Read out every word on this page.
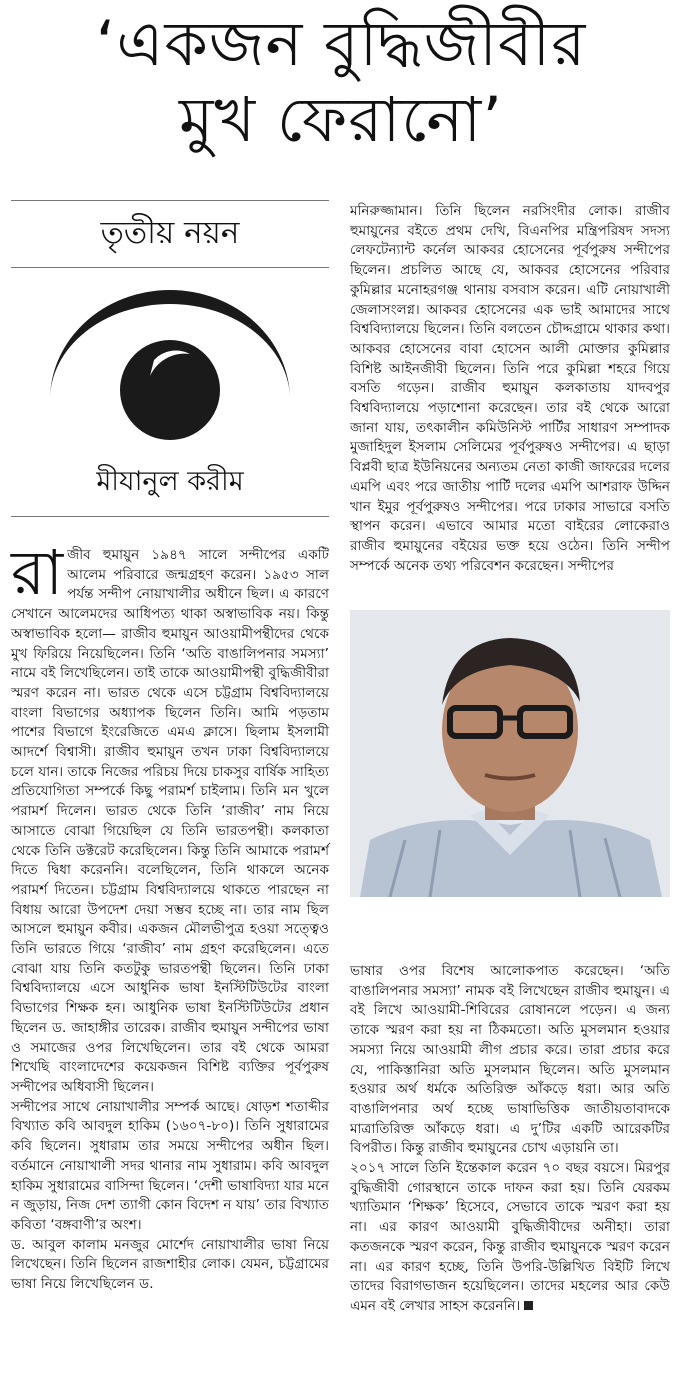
‘একজন বুদ্ধিজীবীর
মুখ ফেরানো’
তৃতীয় নয়ন
মীযানুল করীম

রাজীব হুমায়ুন ১৯৪৭ সালে সন্দীপের একটি আলেম পরিবারে জন্মগ্রহণ করেন। ১৯৫৩ সাল পর্যন্ত সন্দীপ নোয়াখালীর অধীনে ছিল। এ কারণে সেখানে আলেমদের আধিপত্য থাকা অস্বাভাবিক নয়। কিন্তু অস্বাভাবিক হলো— রাজীব হুমায়ুন আওয়ামীপন্থীদের থেকে মুখ ফিরিয়ে নিয়েছিলেন। তিনি ‘অতি বাঙালিপনার সমস্যা’ নামে বই লিখেছিলেন। তাই তাকে আওয়ামীপন্থী বুদ্ধিজীবীরা স্মরণ করেন না। ভারত থেকে এসে চট্টগ্রাম বিশ্ববিদ্যালয়ে বাংলা বিভাগের অধ্যাপক ছিলেন তিনি। আমি পড়তাম পাশের বিভাগে ইংরেজিতে এমএ ক্লাসে। ছিলাম ইসলামী আদর্শে বিশ্বাসী। রাজীব হুমায়ুন তখন ঢাকা বিশ্ববিদ্যালয়ে চলে যান। তাকে নিজের পরিচয় দিয়ে চাকসুর বার্ষিক সাহিত্য প্রতিযোগিতা সম্পর্কে কিছু পরামর্শ চাইলাম। তিনি মন খুলে পরামর্শ দিলেন। ভারত থেকে তিনি ‘রাজীব’ নাম নিয়ে আসাতে বোঝা গিয়েছিল যে তিনি ভারতপন্থী। কলকাতা থেকে তিনি ডক্টরেট করেছিলেন। কিন্তু তিনি আমাকে পরামর্শ দিতে দ্বিধা করেননি। বলেছিলেন, তিনি থাকলে অনেক পরামর্শ দিতেন। চট্টগ্রাম বিশ্ববিদ্যালয়ে থাকতে পারছেন না বিধায় আরো উপদেশ দেয়া সম্ভব হচ্ছে না। তার নাম ছিল আসলে হুমায়ুন কবীর। একজন মৌলভীপুত্র হওয়া সত্ত্বেও তিনি ভারতে গিয়ে ‘রাজীব’ নাম গ্রহণ করেছিলেন। এতে বোঝা যায় তিনি কতটুকু ভারতপন্থী ছিলেন। তিনি ঢাকা বিশ্ববিদ্যালয়ে এসে আধুনিক ভাষা ইনস্টিটিউটের বাংলা বিভাগের শিক্ষক হন। আধুনিক ভাষা ইনস্টিটিউটের প্রধান ছিলেন ড. জাহাঙ্গীর তারেক। রাজীব হুমায়ুন সন্দীপের ভাষা ও সমাজের ওপর লিখেছিলেন। তার বই থেকে আমরা শিখেছি বাংলাদেশের কয়েকজন বিশিষ্ট ব্যক্তির পূর্বপুরুষ সন্দীপের অধিবাসী ছিলেন।

সন্দীপের সাথে নোয়াখালীর সম্পর্ক আছে। ষোড়শ শতাব্দীর বিখ্যাত কবি আবদুল হাকিম (১৬০৭-৮০)। তিনি সুধারামের কবি ছিলেন। সুধারাম তার সময়ে সন্দীপের অধীন ছিল। বর্তমানে নোয়াখালী সদর থানার নাম সুধারাম। কবি আবদুল হাকিম সুধারামের বাসিন্দা ছিলেন। ‘দেশী ভাষাবিদ্যা যার মনে ন জুড়ায়, নিজ দেশ ত্যাগী কোন বিদেশ ন যায়’ তার বিখ্যাত কবিতা ‘বঙ্গবাণী’র অংশ।

ড. আবুল কালাম মনজুর মোর্শেদ নোয়াখালীর ভাষা নিয়ে লিখেছেন। তিনি ছিলেন রাজশাহীর লোক। যেমন, চট্টগ্রামের ভাষা নিয়ে লিখেছিলেন ড.

মনিরুজ্জামান। তিনি ছিলেন নরসিংদীর লোক। রাজীব হুমায়ুনের বইতে প্রথম দেখি, বিএনপির মন্ত্রিপরিষদ সদস্য লেফটেন্যান্ট কর্নেল আকবর হোসেনের পূর্বপুরুষ সন্দীপের ছিলেন। প্রচলিত আছে যে, আকবর হোসেনের পরিবার কুমিল্লার মনোহরগঞ্জ থানায় বসবাস করেন। এটি নোয়াখালী জেলাসংলগ্ন। আকবর হোসেনের এক ভাই আমাদের সাথে বিশ্ববিদ্যালয়ে ছিলেন। তিনি বলতেন চৌদ্দগ্রামে থাকার কথা। আকবর হোসেনের বাবা হোসেন আলী মোক্তার কুমিল্লার বিশিষ্ট আইনজীবী ছিলেন। তিনি পরে কুমিল্লা শহরে গিয়ে বসতি গড়েন। রাজীব হুমায়ুন কলকাতায় যাদবপুর বিশ্ববিদ্যালয়ে পড়াশোনা করেছেন। তার বই থেকে আরো জানা যায়, তৎকালীন কমিউনিস্ট পার্টির সাধারণ সম্পাদক মুজাহিদুল ইসলাম সেলিমের পূর্বপুরুষও সন্দীপের। এ ছাড়া বিপ্লবী ছাত্র ইউনিয়নের অন্যতম নেতা কাজী জাফরের দলের এমপি এবং পরে জাতীয় পার্টি দলের এমপি আশরাফ উদ্দিন খান ইমুর পূর্বপুরুষও সন্দীপের। পরে ঢাকার সাভারে বসতি স্থাপন করেন। এভাবে আমার মতো বাইরের লোকেরাও রাজীব হুমায়ুনের বইয়ের ভক্ত হয়ে ওঠেন। তিনি সন্দীপ সম্পর্কে অনেক তথ্য পরিবেশন করেছেন। সন্দীপের

ভাষার ওপর বিশেষ আলোকপাত করেছেন। ‘অতি বাঙালিপনার সমস্যা’ নামক বই লিখেছেন রাজীব হুমায়ুন। এ বই লিখে আওয়ামী-শিবিরের রোষানলে পড়েন। এ জন্য তাকে স্মরণ করা হয় না ঠিকমতো। অতি মুসলমান হওয়ার সমস্যা নিয়ে আওয়ামী লীগ প্রচার করে। তারা প্রচার করে যে, পাকিস্তানিরা অতি মুসলমান ছিলেন। অতি মুসলমান হওয়ার অর্থ ধর্মকে অতিরিক্ত আঁকড়ে ধরা। আর অতি বাঙালিপনার অর্থ হচ্ছে ভাষাভিত্তিক জাতীয়তাবাদকে মাত্রাতিরিক্ত আঁকড়ে ধরা। এ দু’টির একটি আরেকটির বিপরীত। কিন্তু রাজীব হুমায়ুনের চোখ এড়ায়নি তা।

২০১৭ সালে তিনি ইন্তেকাল করেন ৭০ বছর বয়সে। মিরপুর বুদ্ধিজীবী গোরস্থানে তাকে দাফন করা হয়। তিনি যেরকম খ্যাতিমান ‘শিক্ষক’ হিসেবে, সেভাবে তাকে স্মরণ করা হয় না। এর কারণ আওয়ামী বুদ্ধিজীবীদের অনীহা। তারা কতজনকে স্মরণ করেন, কিন্তু রাজীব হুমায়ুনকে স্মরণ করেন না। এর কারণ হচ্ছে, তিনি উপরি-উল্লিখিত বিইটি লিখে তাদের বিরাগভাজন হয়েছিলেন। তাদের মহলের আর কেউ এমন বই লেখার সাহস করেননি।
